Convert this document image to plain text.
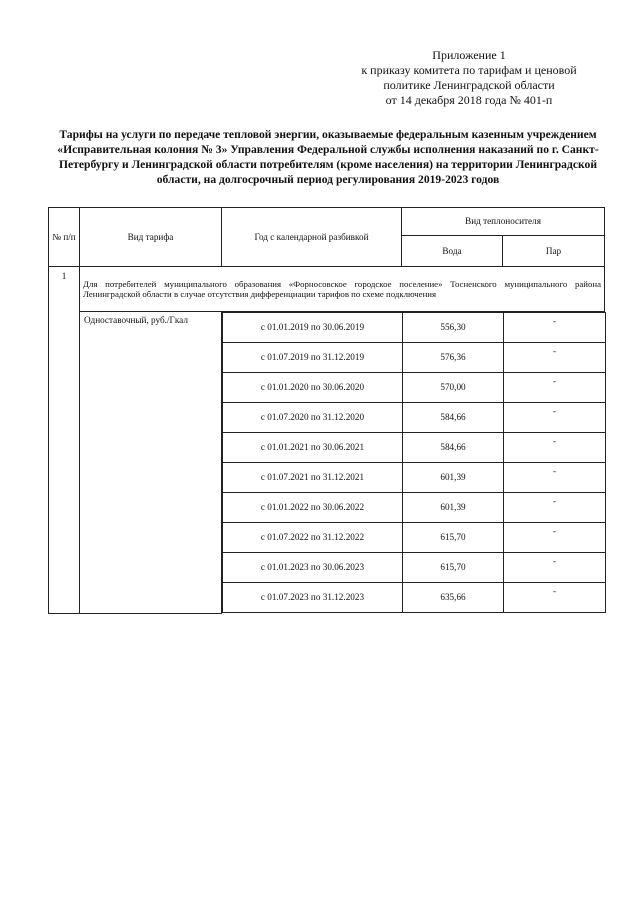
Приложение 1
к приказу комитета по тарифам и ценовой
политике Ленинградской области
от 14 декабря 2018 года № 401-п
Тарифы на услуги по передаче тепловой энергии, оказываемые федеральным казенным учреждением «Исправительная колония № 3» Управления Федеральной службы исполнения наказаний по г. Санкт-Петербургу и Ленинградской области потребителям (кроме населения) на территории Ленинградской области, на долгосрочный период регулирования 2019-2023 годов
№ п/п	Вид тарифа	Год с календарной разбивкой	Вид теплоносителя
Вода	Пар
1	Для потребителей муниципального образования «Форносовское городское поселение» Тосненского муниципального района Ленинградской области в случае отсутствия дифференциации тарифов по схеме подключения
Одноставочный, руб./Гкал	
с 01.01.2019 по 30.06.2019	556,30	-
с 01.07.2019 по 31.12.2019	576,36	-
с 01.01.2020 по 30.06.2020	570,00	-
с 01.07.2020 по 31.12.2020	584,66	-
с 01.01.2021 по 30.06.2021	584,66	-
с 01.07.2021 по 31.12.2021	601,39	-
с 01.01.2022 по 30.06.2022	601,39	-
с 01.07.2022 по 31.12.2022	615,70	-
с 01.01.2023 по 30.06.2023	615,70	-
с 01.07.2023 по 31.12.2023	635,66	-
